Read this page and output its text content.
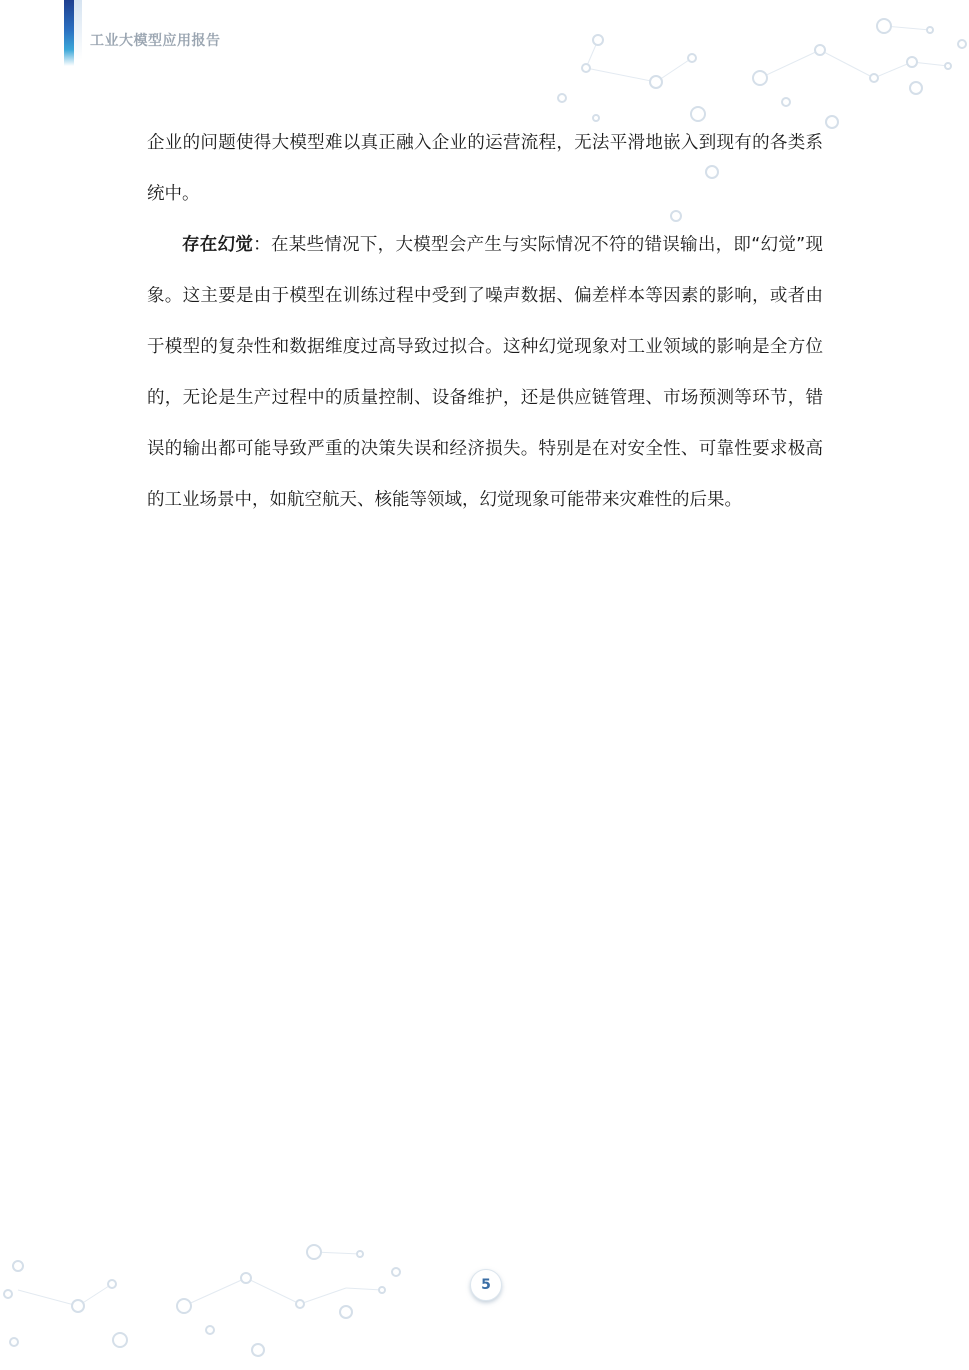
工业大模型应用报告

企业的问题使得大模型难以真正融入企业的运营流程，无法平滑地嵌入到现有的各类系统中。

存在幻觉：在某些情况下，大模型会产生与实际情况不符的错误输出，即“幻觉”现象。这主要是由于模型在训练过程中受到了噪声数据、偏差样本等因素的影响，或者由于模型的复杂性和数据维度过高导致过拟合。这种幻觉现象对工业领域的影响是全方位的，无论是生产过程中的质量控制、设备维护，还是供应链管理、市场预测等环节，错误的输出都可能导致严重的决策失误和经济损失。特别是在对安全性、可靠性要求极高的工业场景中，如航空航天、核能等领域，幻觉现象可能带来灾难性的后果。

5
